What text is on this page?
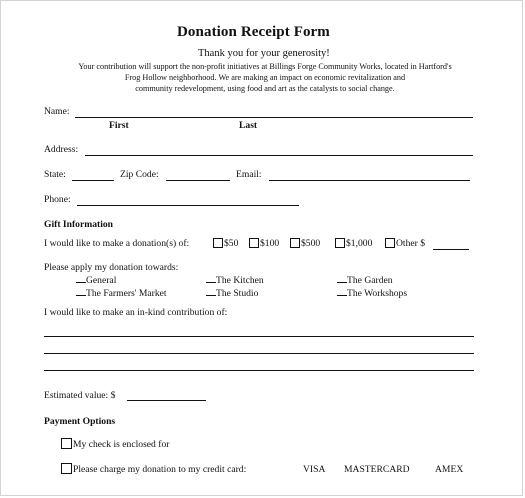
Donation Receipt Form
Thank you for your generosity!
Your contribution will support the non-profit initiatives at Billings Forge Community Works, located in Hartford's
Frog Hollow neighborhood. We are making an impact on economic revitalization and
community redevelopment, using food and art as the catalysts to social change.
Name:
First	Last
Address:
State:	Zip Code:	Email:
Phone:
Gift Information
I would like to make a donation(s) of:	$50	$100	$500	$1,000	Other $
Please apply my donation towards:
General	The Kitchen	The Garden
The Farmers' Market	The Studio	The Workshops
I would like to make an in-kind contribution of:
Estimated value: $
Payment Options
My check is enclosed for
Please charge my donation to my credit card:	VISA MASTERCARD	AMEX
